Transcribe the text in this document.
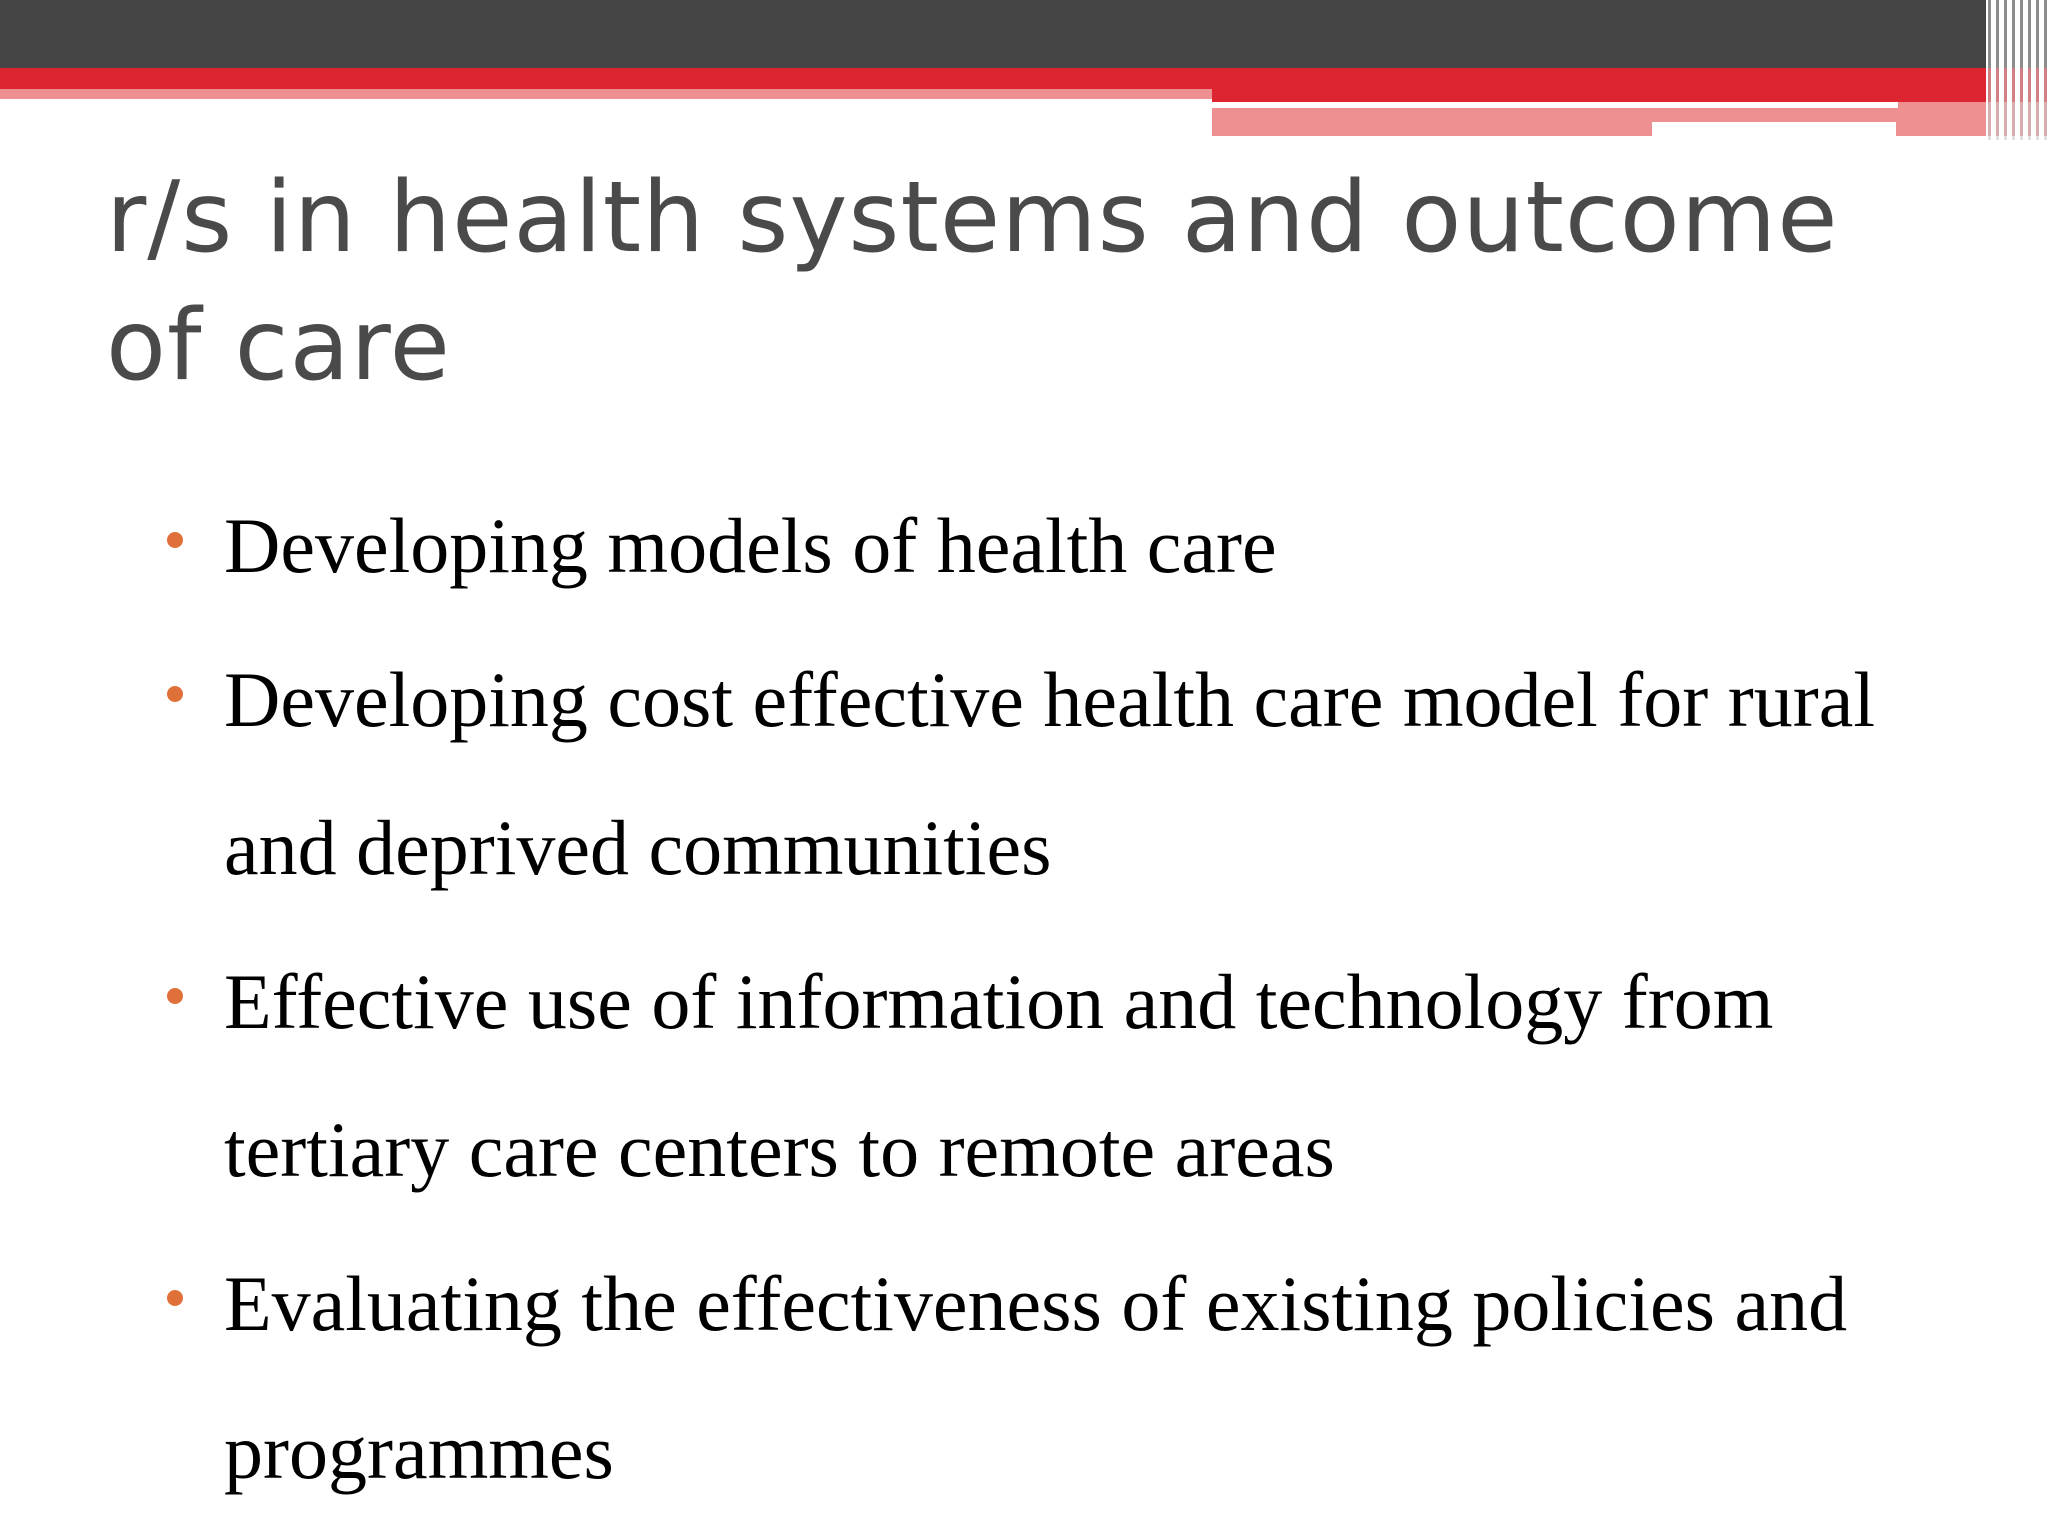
r/s in health systems and outcome of care
Developing models of health care
Developing cost effective health care model for rural and deprived communities
Effective use of information and technology from tertiary care centers to remote areas
Evaluating the effectiveness of existing policies and programmes
